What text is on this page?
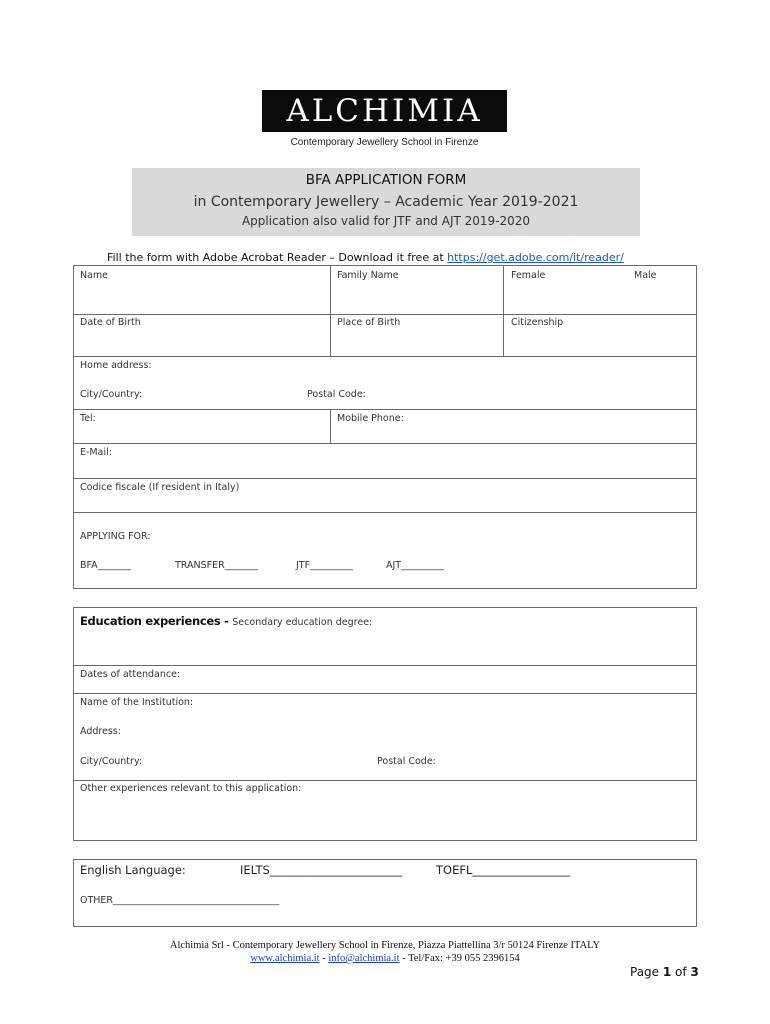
ALCHIMIA
Contemporary Jewellery School in Firenze
BFA APPLICATION FORM
in Contemporary Jewellery – Academic Year 2019-2021
Application also valid for JTF and AJT 2019-2020
Fill the form with Adobe Acrobat Reader – Download it free at https://get.adobe.com/it/reader/
Name	Family Name	Female	Male
Date of Birth	Place of Birth	Citizenship
Home address:
City/Country:	Postal Code:
Tel:	Mobile Phone:
E-Mail:
Codice fiscale (If resident in Italy)
APPLYING FOR:
BFA_______	TRANSFER_______	JTF_________	AJT_________
Education experiences - Secondary education degree:
Dates of attendance:
Name of the Institution:
Address:
City/Country:	Postal Code:
Other experiences relevant to this application:
English Language:	IELTS_______________________	TOEFL_________________
OTHER___________________________________
Alchimia Srl - Contemporary Jewellery School in Firenze, Piazza Piattellina 3/r 50124 Firenze ITALY
www.alchimia.it - info@alchimia.it - Tel/Fax: +39 055 2396154
Page 1 of 3
